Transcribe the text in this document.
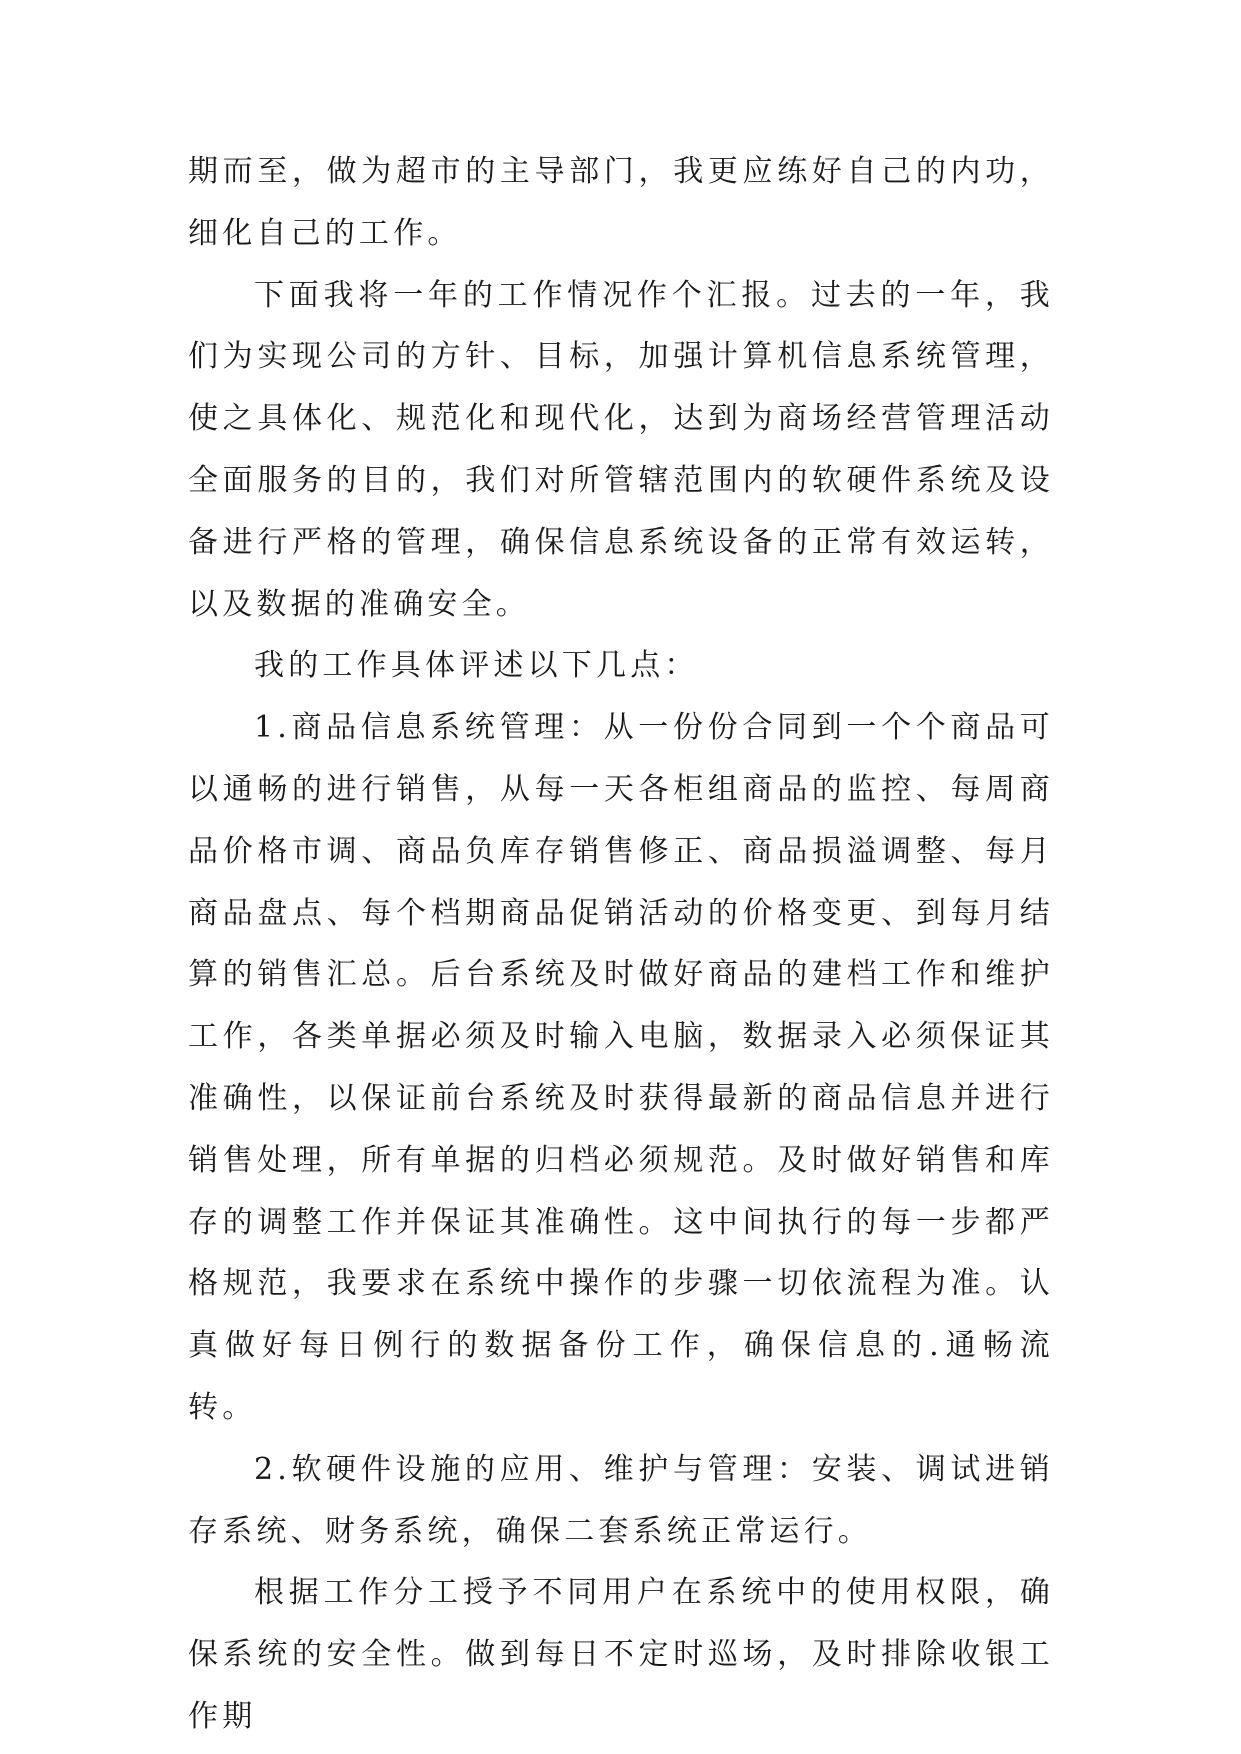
期而至，做为超市的主导部门，我更应练好自己的内功，细化自己的工作。

下面我将一年的工作情况作个汇报。过去的一年，我们为实现公司的方针、目标，加强计算机信息系统管理，使之具体化、规范化和现代化，达到为商场经营管理活动全面服务的目的，我们对所管辖范围内的软硬件系统及设备进行严格的管理，确保信息系统设备的正常有效运转，以及数据的准确安全。

我的工作具体评述以下几点：

1.商品信息系统管理：从一份份合同到一个个商品可以通畅的进行销售，从每一天各柜组商品的监控、每周商品价格市调、商品负库存销售修正、商品损溢调整、每月商品盘点、每个档期商品促销活动的价格变更、到每月结算的销售汇总。后台系统及时做好商品的建档工作和维护工作，各类单据必须及时输入电脑，数据录入必须保证其准确性，以保证前台系统及时获得最新的商品信息并进行销售处理，所有单据的归档必须规范。及时做好销售和库存的调整工作并保证其准确性。这中间执行的每一步都严格规范，我要求在系统中操作的步骤一切依流程为准。认真做好每日例行的数据备份工作，确保信息的.通畅流转。

2.软硬件设施的应用、维护与管理：安装、调试进销存系统、财务系统，确保二套系统正常运行。

根据工作分工授予不同用户在系统中的使用权限，确保系统的安全性。做到每日不定时巡场，及时排除收银工作期
